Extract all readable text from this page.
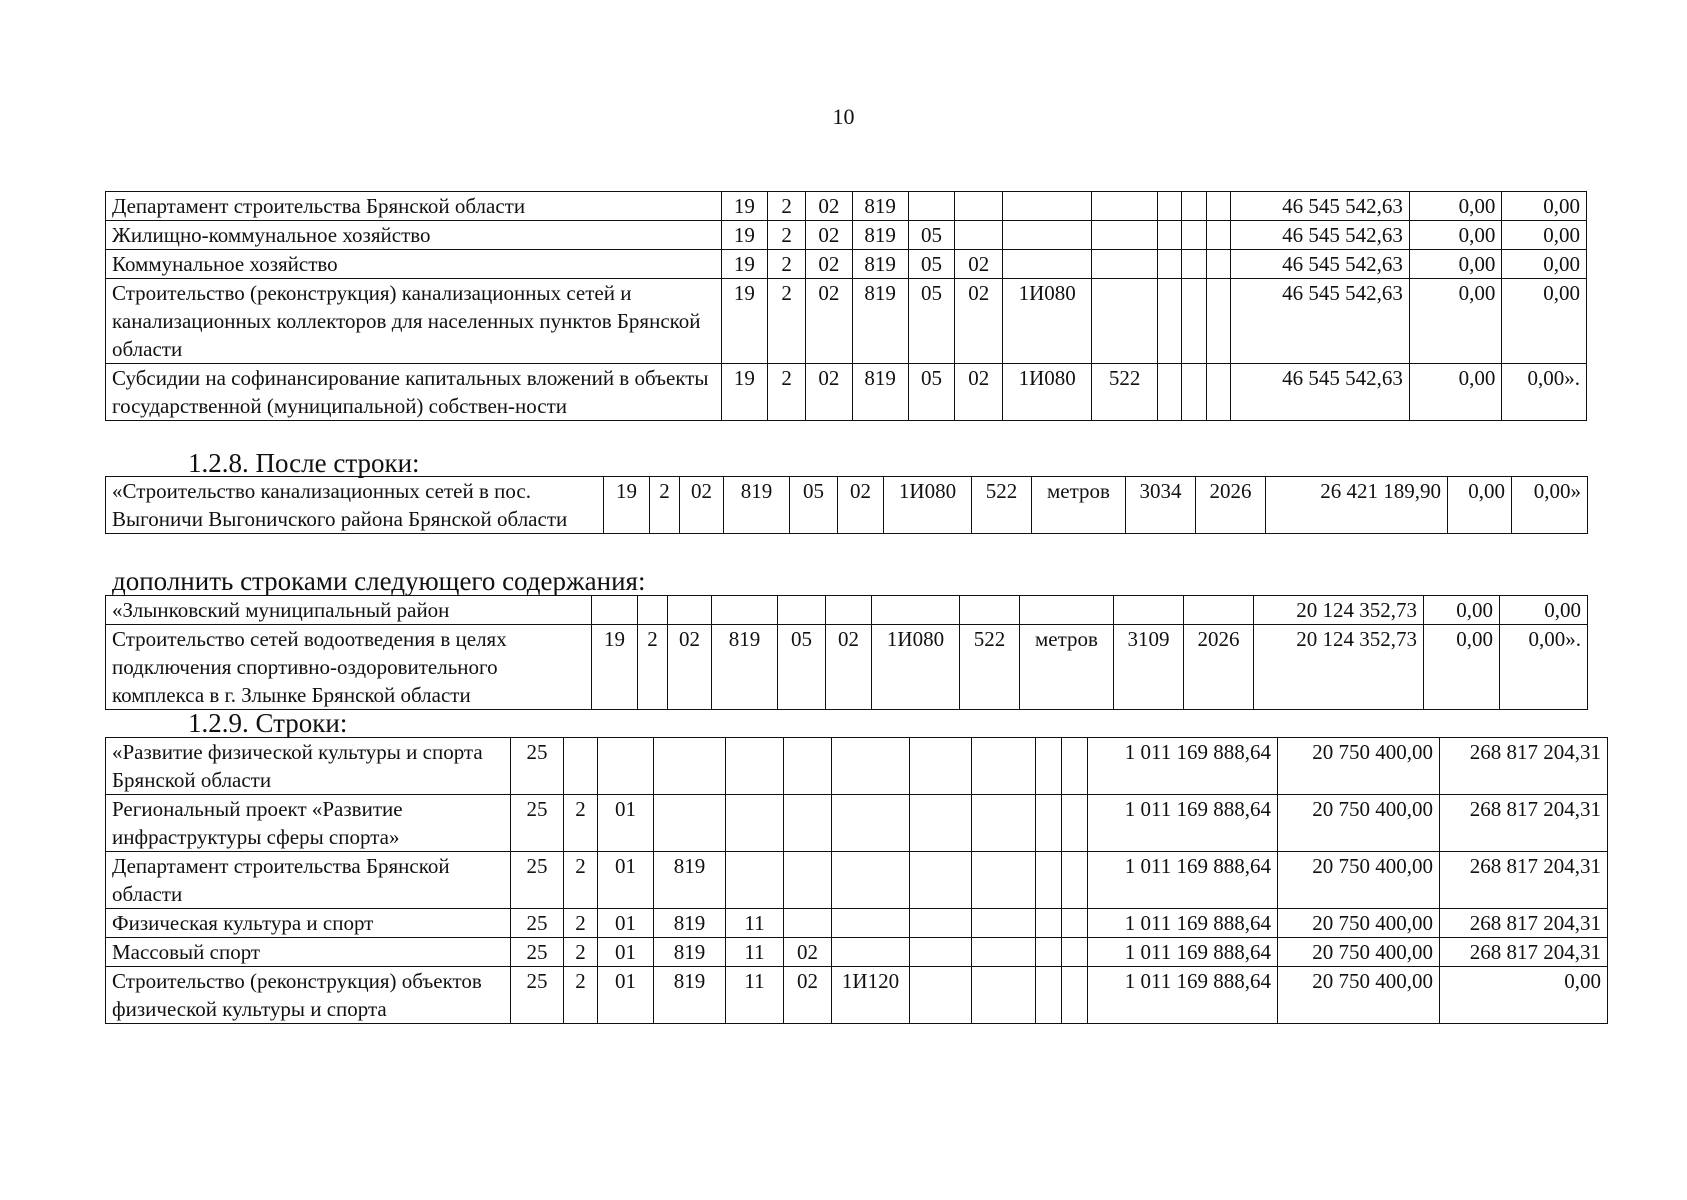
10
Департамент строительства Брянской области	19	2	02	819								46 545 542,63	0,00	0,00
Жилищно-коммунальное хозяйство	19	2	02	819	05							46 545 542,63	0,00	0,00
Коммунальное хозяйство	19	2	02	819	05	02						46 545 542,63	0,00	0,00
Строительство (реконструкция) канализационных сетей и канализационных коллекторов для населенных пунктов Брянской области	19	2	02	819	05	02	1И080					46 545 542,63	0,00	0,00
Субсидии на софинансирование капитальных вложений в объекты государственной (муниципальной) собствен-ности	19	2	02	819	05	02	1И080	522				46 545 542,63	0,00	0,00».
1.2.8. После строки:
«Строительство канализационных сетей в пос. Выгоничи Выгоничского района Брянской области	19	2	02	819	05	02	1И080	522	метров	3034	2026	26 421 189,90	0,00	0,00»
дополнить строками следующего содержания:
«Злынковский муниципальный район												20 124 352,73	0,00	0,00
Строительство сетей водоотведения в целях подключения спортивно-оздоровительного комплекса в г. Злынке Брянской области	19	2	02	819	05	02	1И080	522	метров	3109	2026	20 124 352,73	0,00	0,00».
1.2.9. Строки:
«Развитие физической культуры и спорта Брянской области	25											1 011 169 888,64	20 750 400,00	268 817 204,31
Региональный проект «Развитие инфраструктуры сферы спорта»	25	2	01									1 011 169 888,64	20 750 400,00	268 817 204,31
Департамент строительства Брянской области	25	2	01	819								1 011 169 888,64	20 750 400,00	268 817 204,31
Физическая культура и спорт	25	2	01	819	11							1 011 169 888,64	20 750 400,00	268 817 204,31
Массовый спорт	25	2	01	819	11	02						1 011 169 888,64	20 750 400,00	268 817 204,31
Строительство (реконструкция) объектов физической культуры и спорта	25	2	01	819	11	02	1И120					1 011 169 888,64	20 750 400,00	0,00
